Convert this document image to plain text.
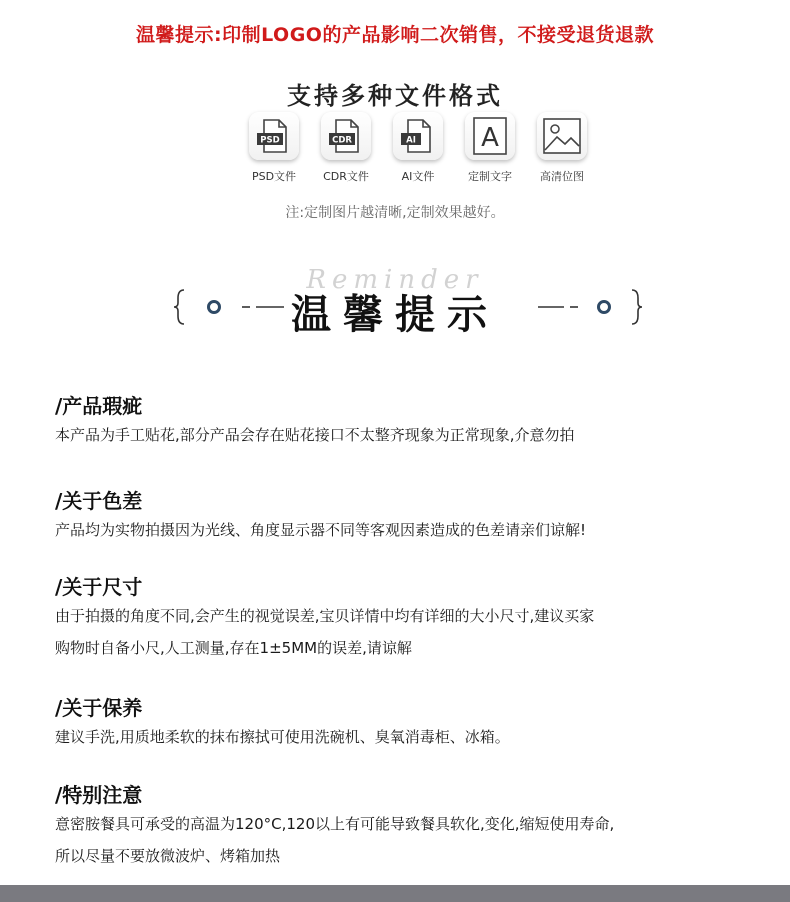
温馨提示:印制LOGO的产品影响二次销售，不接受退货退款
支持多种文件格式
PSD
PSD文件
CDR
CDR文件
AI
AI文件
A
定制文字	高清位图
注:定制图片越清晰,定制效果越好。
Reminder
温馨提示
/产品瑕疵

本产品为手工贴花,部分产品会存在贴花接口不太整齐现象为正常现象,介意勿拍

/关于色差

产品均为实物拍摄因为光线、角度显示器不同等客观因素造成的色差请亲们谅解!

/关于尺寸

由于拍摄的角度不同,会产生的视觉误差,宝贝详情中均有详细的大小尺寸,建议买家

购物时自备小尺,人工测量,存在1±5MM的误差,请谅解

/关于保养

建议手洗,用质地柔软的抹布擦拭可使用洗碗机、臭氧消毒柜、冰箱。

/特别注意

意密胺餐具可承受的高温为120°C,120以上有可能导致餐具软化,变化,缩短使用寿命,

所以尽量不要放微波炉、烤箱加热
